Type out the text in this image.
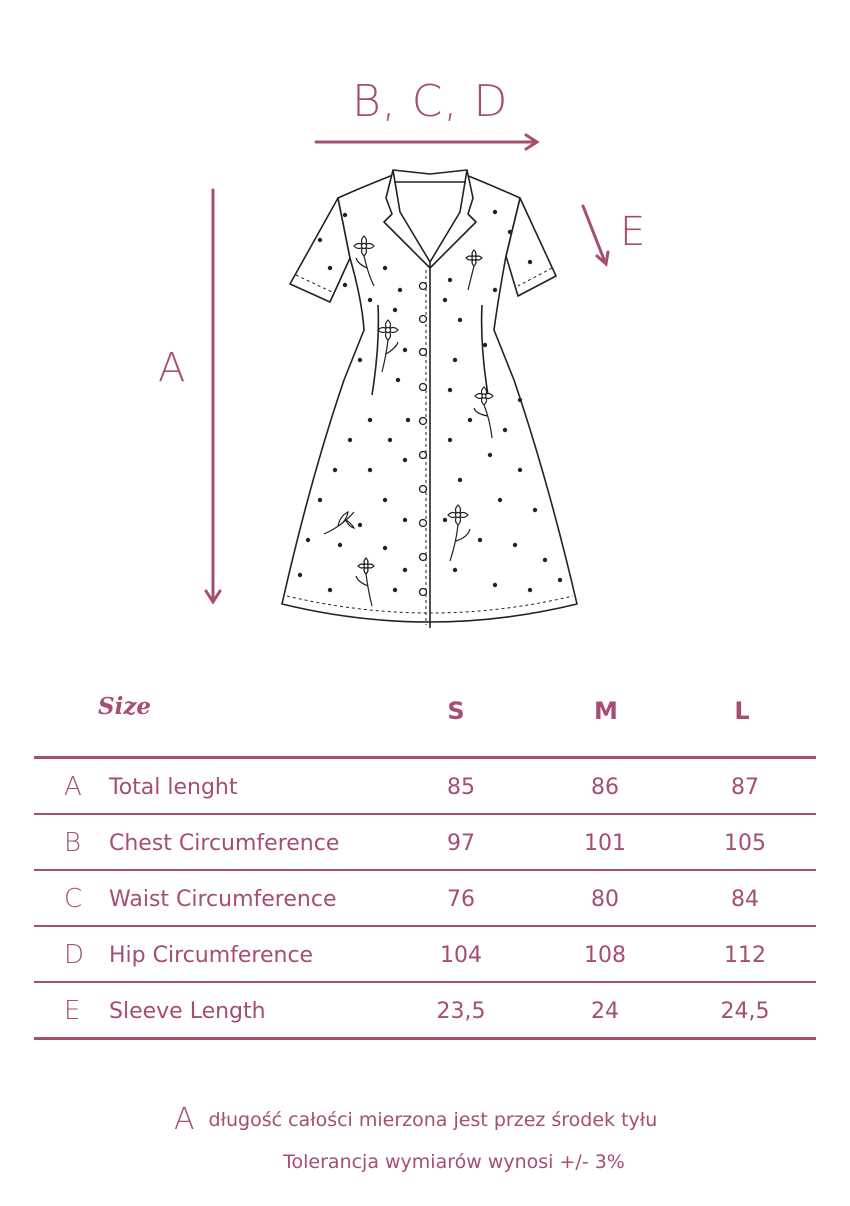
B, C, D
E
A
Size	S	M	L
A Total lenght	85	86	87
B	Chest Circumference	97	101	105
C Waist Circumference	76	80	84
D Hip Circumference	104	108	112
E	Sleeve Length	23,5	24	24,5
A długość całości mierzona jest przez środek tyłu
Tolerancja wymiarów wynosi +/- 3%
